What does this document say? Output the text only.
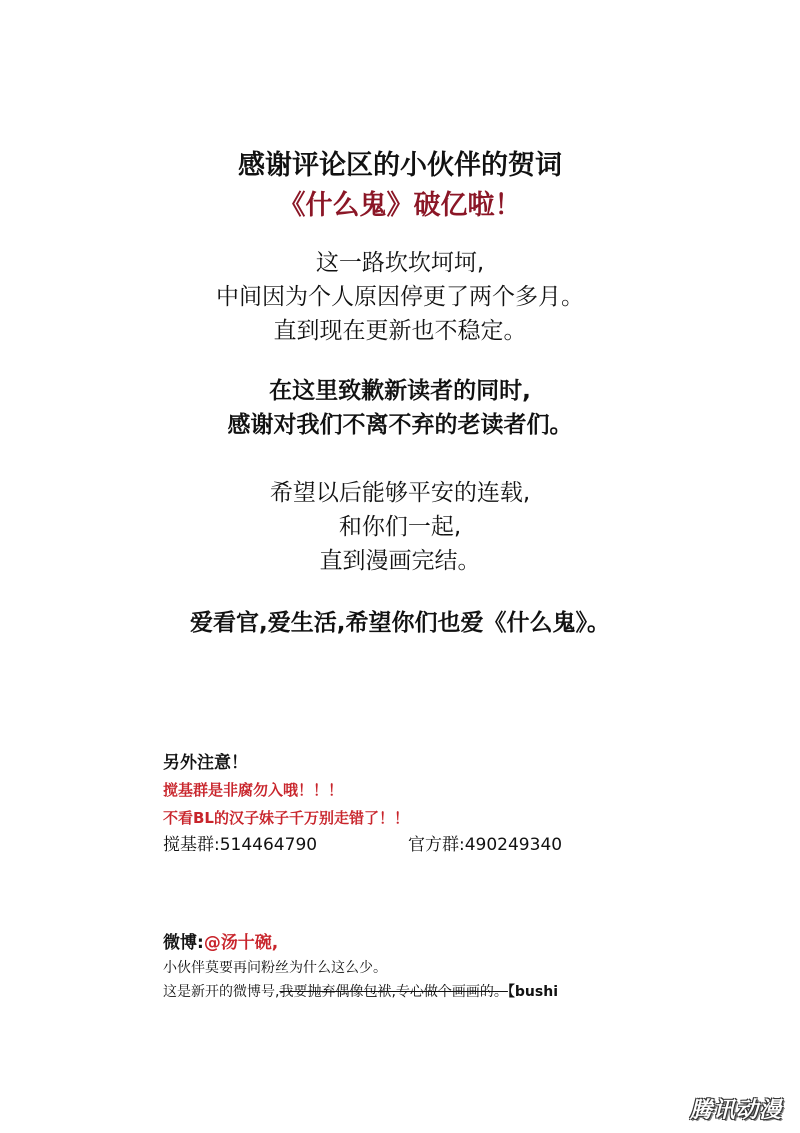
感谢评论区的小伙伴的贺词
《什么鬼》破亿啦！
这一路坎坎坷坷,
中间因为个人原因停更了两个多月。
直到现在更新也不稳定。
在这里致歉新读者的同时,
感谢对我们不离不弃的老读者们。
希望以后能够平安的连载,
和你们一起,
直到漫画完结。
爱看官,爱生活,希望你们也爱《什么鬼》。
另外注意！
搅基群是非腐勿入哦！！！
不看BL的汉子妹子千万别走错了！！
搅基群:514464790	官方群:490249340
微博:@汤十碗,
小伙伴莫要再问粉丝为什么这么少。
这是新开的微博号,我要抛弃偶像包袱,专心做个画画的。【bushi
腾讯动漫
